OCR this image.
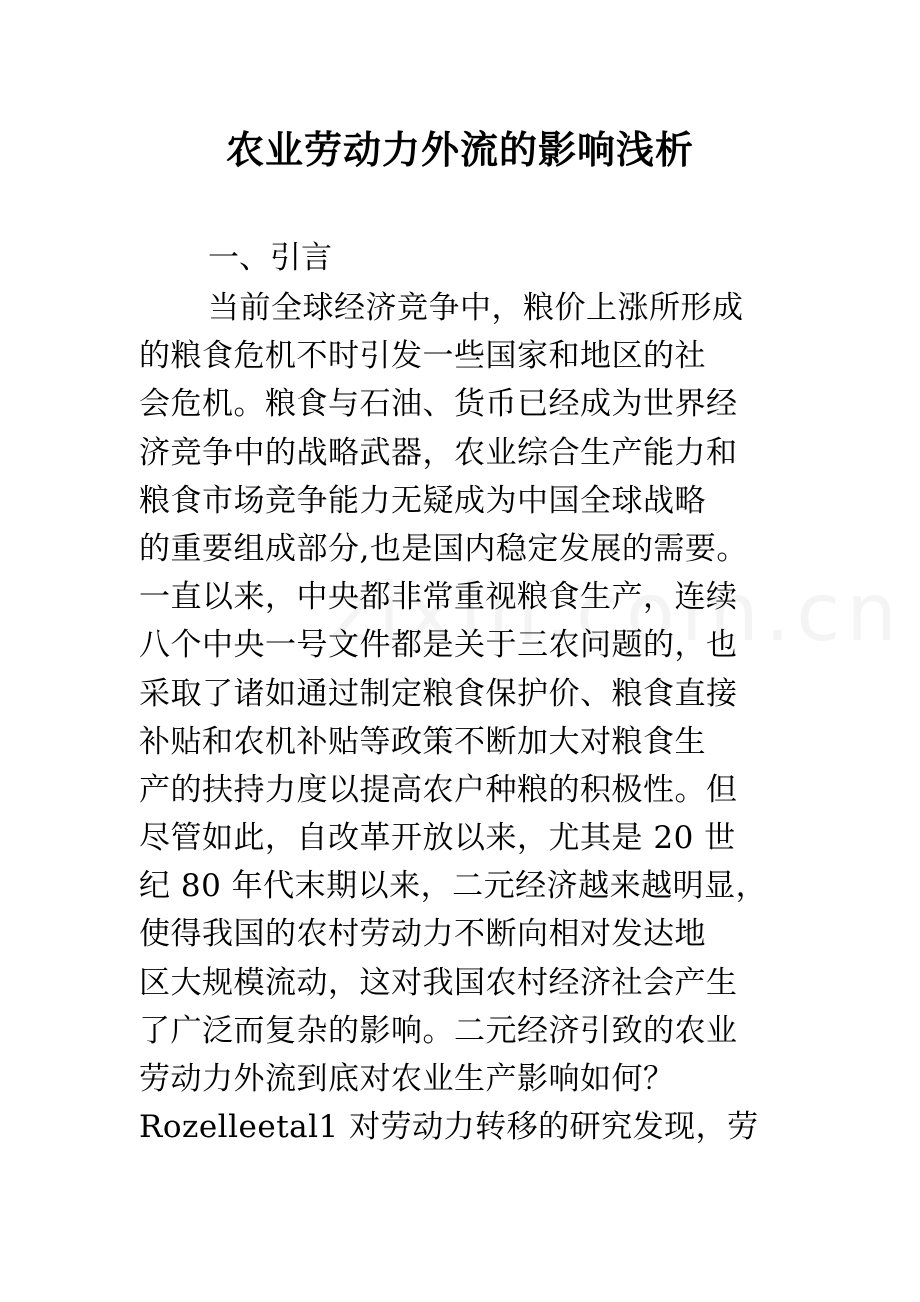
农业劳动力外流的影响浅析
一、引言
当前全球经济竞争中，粮价上涨所形成
的粮食危机不时引发一些国家和地区的社
会危机。粮食与石油、货币已经成为世界经
济竞争中的战略武器，农业综合生产能力和
粮食市场竞争能力无疑成为中国全球战略
的重要组成部分,也是国内稳定发展的需要。
一直以来，中央都非常重视粮食生产，连续
八个中央一号文件都是关于三农问题的，也
采取了诸如通过制定粮食保护价、粮食直接
补贴和农机补贴等政策不断加大对粮食生
产的扶持力度以提高农户种粮的积极性。但
尽管如此，自改革开放以来，尤其是 20 世
纪 80 年代末期以来，二元经济越来越明显，
使得我国的农村劳动力不断向相对发达地
区大规模流动，这对我国农村经济社会产生
了广泛而复杂的影响。二元经济引致的农业
劳动力外流到底对农业生产影响如何？
Rozelleetal1 对劳动力转移的研究发现，劳
